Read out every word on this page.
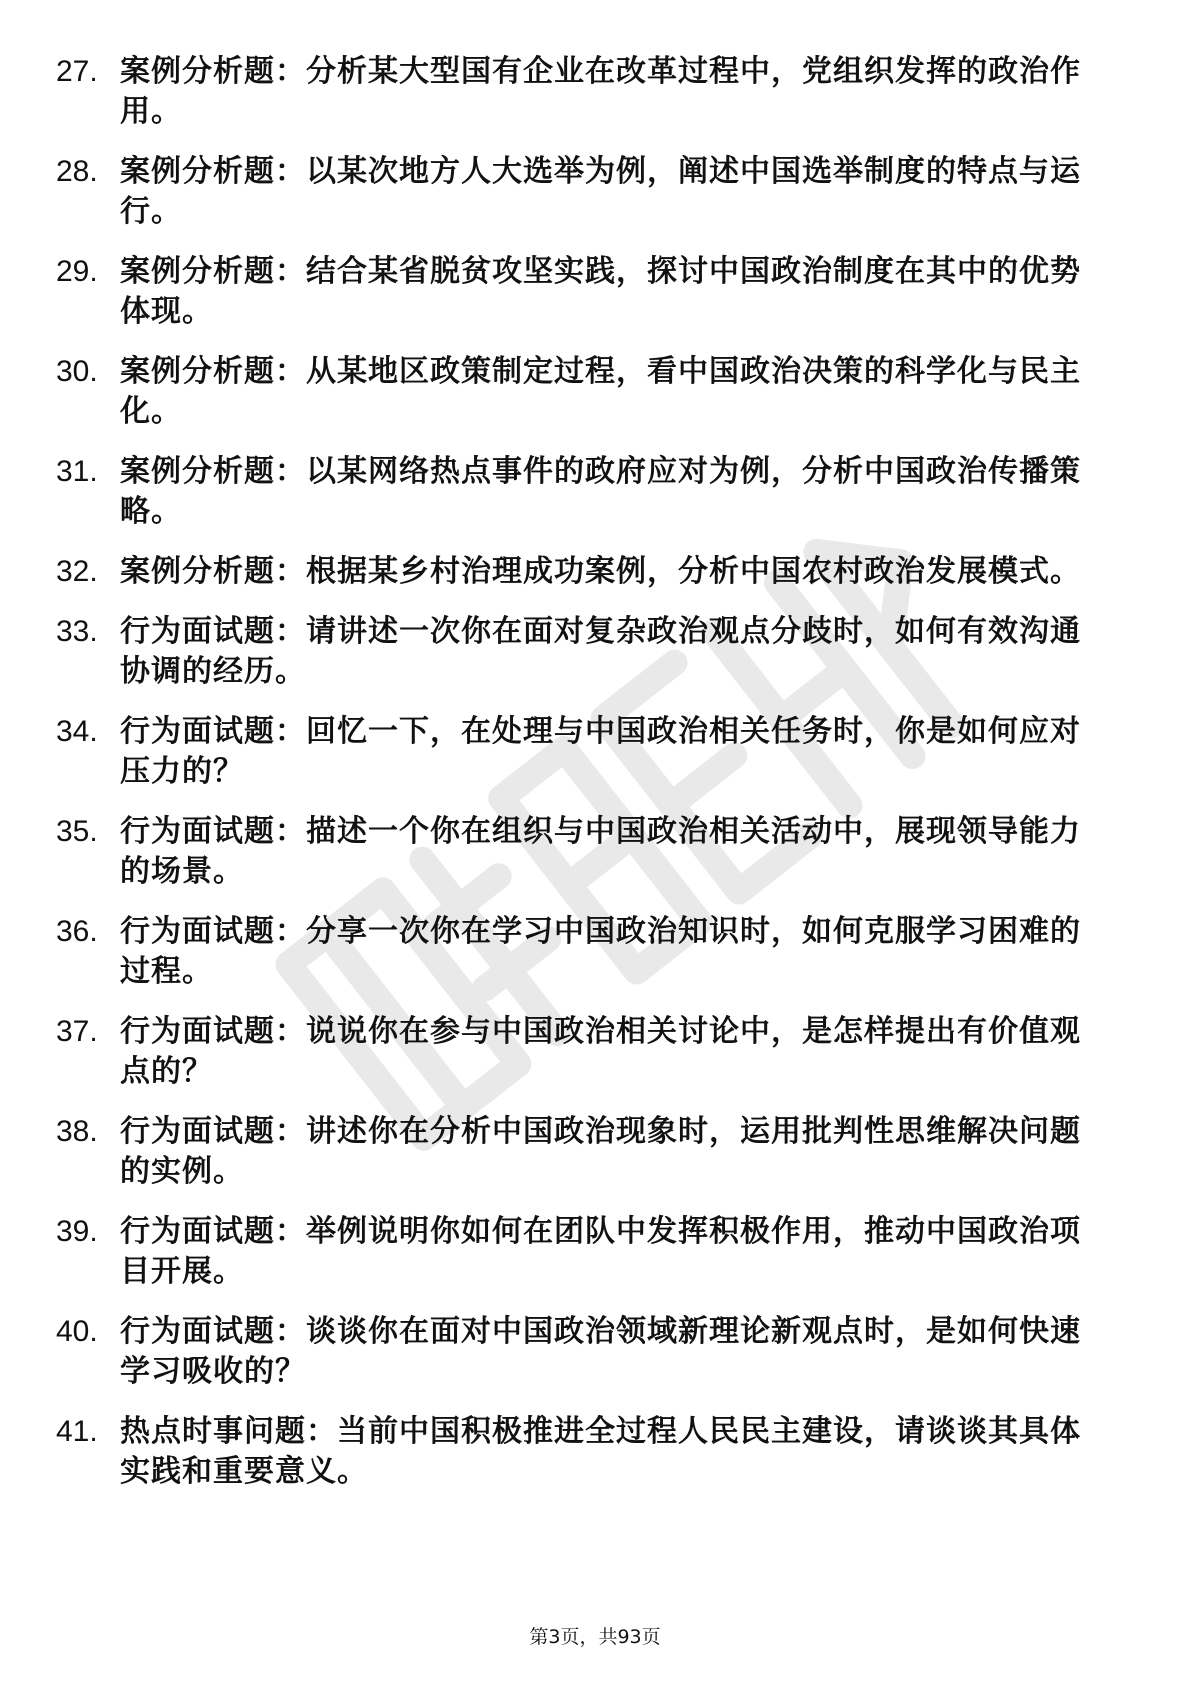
27. 案例分析题：分析某大型国有企业在改革过程中，党组织发挥的政治作用。
28. 案例分析题：以某次地方人大选举为例，阐述中国选举制度的特点与运行。
29. 案例分析题：结合某省脱贫攻坚实践，探讨中国政治制度在其中的优势体现。
30. 案例分析题：从某地区政策制定过程，看中国政治决策的科学化与民主化。
31. 案例分析题：以某网络热点事件的政府应对为例，分析中国政治传播策略。
32. 案例分析题：根据某乡村治理成功案例，分析中国农村政治发展模式。
33. 行为面试题：请讲述一次你在面对复杂政治观点分歧时，如何有效沟通协调的经历。
34. 行为面试题：回忆一下，在处理与中国政治相关任务时，你是如何应对压力的？
35. 行为面试题：描述一个你在组织与中国政治相关活动中，展现领导能力的场景。
36. 行为面试题：分享一次你在学习中国政治知识时，如何克服学习困难的过程。
37. 行为面试题：说说你在参与中国政治相关讨论中，是怎样提出有价值观点的？
38. 行为面试题：讲述你在分析中国政治现象时，运用批判性思维解决问题的实例。
39. 行为面试题：举例说明你如何在团队中发挥积极作用，推动中国政治项目开展。
40. 行为面试题：谈谈你在面对中国政治领域新理论新观点时，是如何快速学习吸收的？
41. 热点时事问题：当前中国积极推进全过程人民民主建设，请谈谈其具体实践和重要意义。
第3页，共93页
